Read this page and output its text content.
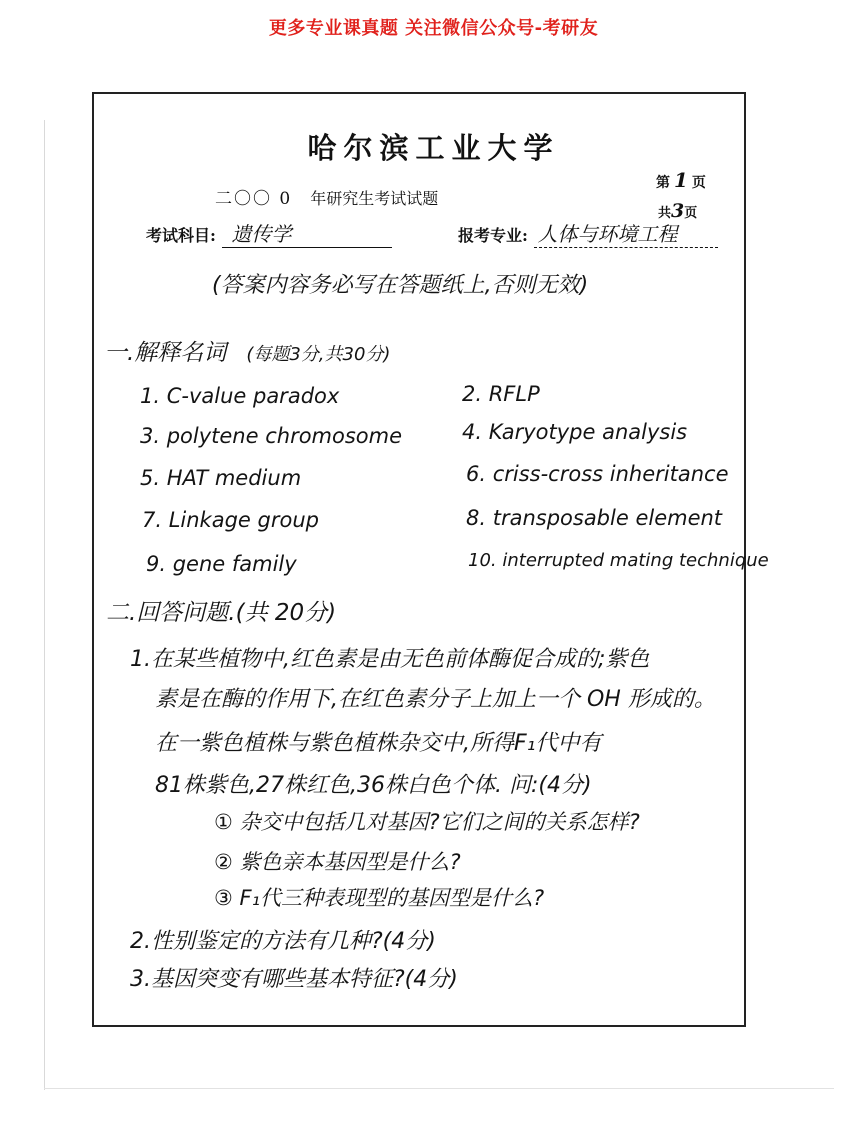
更多专业课真题 关注微信公众号-考研友
哈尔滨工业大学
第 1 页
共3页
二〇〇 0 年研究生考试试题
考试科目: 遗传学	报考专业: 人体与环境工程
(答案内容务必写在答题纸上,否则无效)
一.解释名词 (每题3分,共30分)
1. C-value paradox	2. RFLP
3. polytene chromosome	4. Karyotype analysis
5. HAT medium	6. criss-cross inheritance
7. Linkage group	8. transposable element
9. gene family	10. interrupted mating technique
二.回答问题.(共 20分)
1.在某些植物中,红色素是由无色前体酶促合成的;紫色
素是在酶的作用下,在红色素分子上加上一个 OH 形成的。
在一紫色植株与紫色植株杂交中,所得F₁代中有
81株紫色,27株红色,36株白色个体. 问:(4分)
① 杂交中包括几对基因?它们之间的关系怎样?
② 紫色亲本基因型是什么?
③ F₁代三种表现型的基因型是什么?
2.性别鉴定的方法有几种?(4分)
3.基因突变有哪些基本特征?(4分)
